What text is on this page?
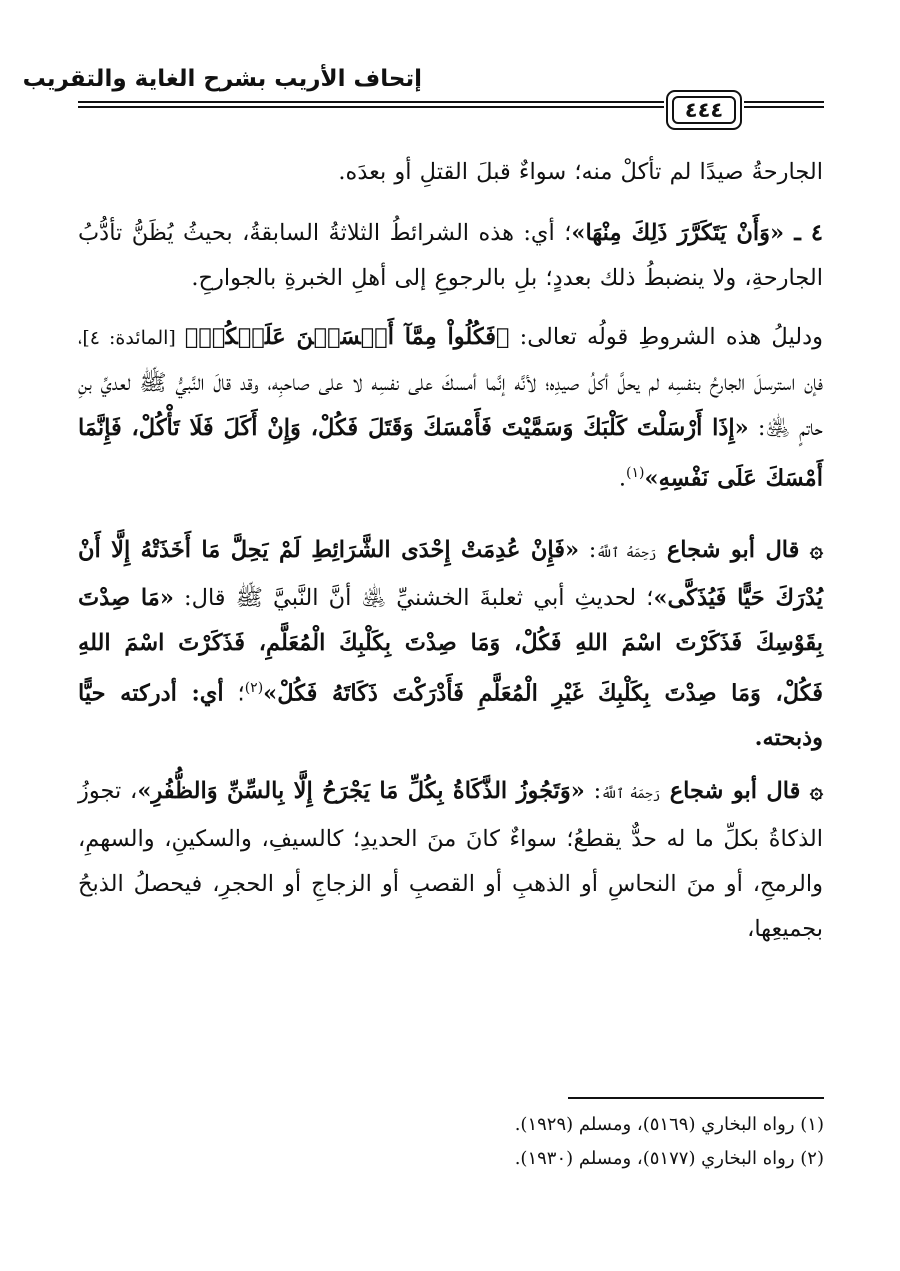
إتحاف الأريب بشرح الغاية والتقريب
٤٤٤

الجارحةُ صيدًا لم تأكلْ منه؛ سواءٌ قبلَ القتلِ أو بعدَه.

٤ ـ «وَأَنْ يَتَكَرَّرَ ذَلِكَ مِنْهَا»؛ أي: هذه الشرائطُ الثلاثةُ السابقةُ، بحيثُ يُظَنُّ تأدُّبُ الجارحةِ، ولا ينضبطُ ذلك بعددٍ؛ بلِ بالرجوعِ إلى أهلِ الخبرةِ بالجوارحِ.

ودليلُ هذه الشروطِ قولُه تعالى: ﴿فَكُلُواْ مِمَّآ أَمۡسَكۡنَ عَلَيۡكُمۡ﴾ [المائدة: ٤]، فإن استرسلَ الجارحُ بنفسِه لم يحلَّ أكلُ صيدِه؛ لأنَّه إنَّما أمسكَ على نفسِه لا على صاحبِه، وقد قالَ النَّبيُّ ﷺ لعديِّ بنِ حاتمٍ ﵁: «إِذَا أَرْسَلْتَ كَلْبَكَ وَسَمَّيْتَ فَأَمْسَكَ وَقَتَلَ فَكُلْ، وَإِنْ أَكَلَ فَلَا تَأْكُلْ، فَإِنَّمَا أَمْسَكَ عَلَى نَفْسِهِ»$^{(١)}$.

۞ قال أبو شجاع رَحِمَهُ ٱللَّهُ: «فَإِنْ عُدِمَتْ إِحْدَى الشَّرَائِطِ لَمْ يَحِلَّ مَا أَخَذَتْهُ إِلَّا أَنْ يُدْرَكَ حَيًّا فَيُذَكَّى»؛ لحديثِ أبي ثعلبةَ الخشنيِّ ﵁ أنَّ النَّبيَّ ﷺ قال: «مَا صِدْتَ بِقَوْسِكَ فَذَكَرْتَ اسْمَ اللهِ فَكُلْ، وَمَا صِدْتَ بِكَلْبِكَ الْمُعَلَّمِ، فَذَكَرْتَ اسْمَ اللهِ فَكُلْ، وَمَا صِدْتَ بِكَلْبِكَ غَيْرِ الْمُعَلَّمِ فَأَدْرَكْتَ ذَكَاتَهُ فَكُلْ»$^{(٢)}$؛ أي: أدركته حيًّا وذبحته.

۞ قال أبو شجاع رَحِمَهُ ٱللَّهُ: «وَتَجُوزُ الذَّكَاةُ بِكُلِّ مَا يَجْرَحُ إِلَّا بِالسِّنِّ وَالظُّفُرِ»، تجوزُ الذكاةُ بكلِّ ما له حدٌّ يقطعُ؛ سواءٌ كانَ منَ الحديدِ؛ كالسيفِ، والسكينِ، والسهمِ، والرمحِ، أو منَ النحاسِ أو الذهبِ أو القصبِ أو الزجاجِ أو الحجرِ، فيحصلُ الذبحُ بجميعِها،

(١) رواه البخاري (٥١٦٩)، ومسلم (١٩٢٩).

(٢) رواه البخاري (٥١٧٧)، ومسلم (١٩٣٠).
